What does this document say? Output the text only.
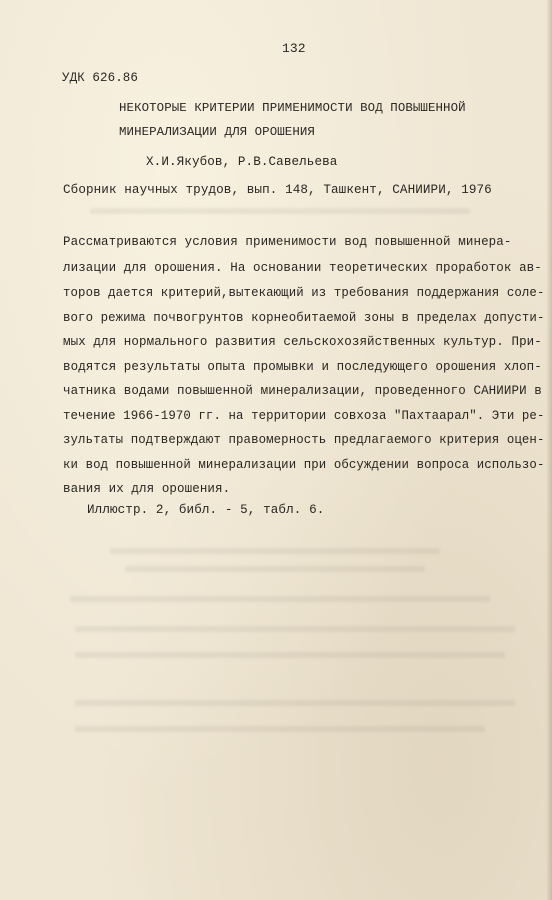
132
УДК 626.86
НЕКОТОРЫЕ КРИТЕРИИ ПРИМЕНИМОСТИ ВОД ПОВЫШЕННОЙ
МИНЕРАЛИЗАЦИИ ДЛЯ ОРОШЕНИЯ
Х.И.Якубов, Р.В.Савельева
Сборник научных трудов, вып. 148, Ташкент, САНИИРИ, 1976
Рассматриваются условия применимости вод повышенной минера-
лизации для орошения. На основании теоретических проработок ав-
торов дается критерий,вытекающий из требования поддержания соле-
вого режима почвогрунтов корнеобитаемой зоны в пределах допусти-
мых для нормального развития сельскохозяйственных культур. При-
водятся результаты опыта промывки и последующего орошения хлоп-
чатника водами повышенной минерализации, проведенного САНИИРИ в
течение 1966-1970 гг. на территории совхоза "Пахтаарал". Эти ре-
зультаты подтверждают правомерность предлагаемого критерия оцен-
ки вод повышенной минерализации при обсуждении вопроса использо-
вания их для орошения.
Иллюстр. 2, библ. - 5, табл. 6.
